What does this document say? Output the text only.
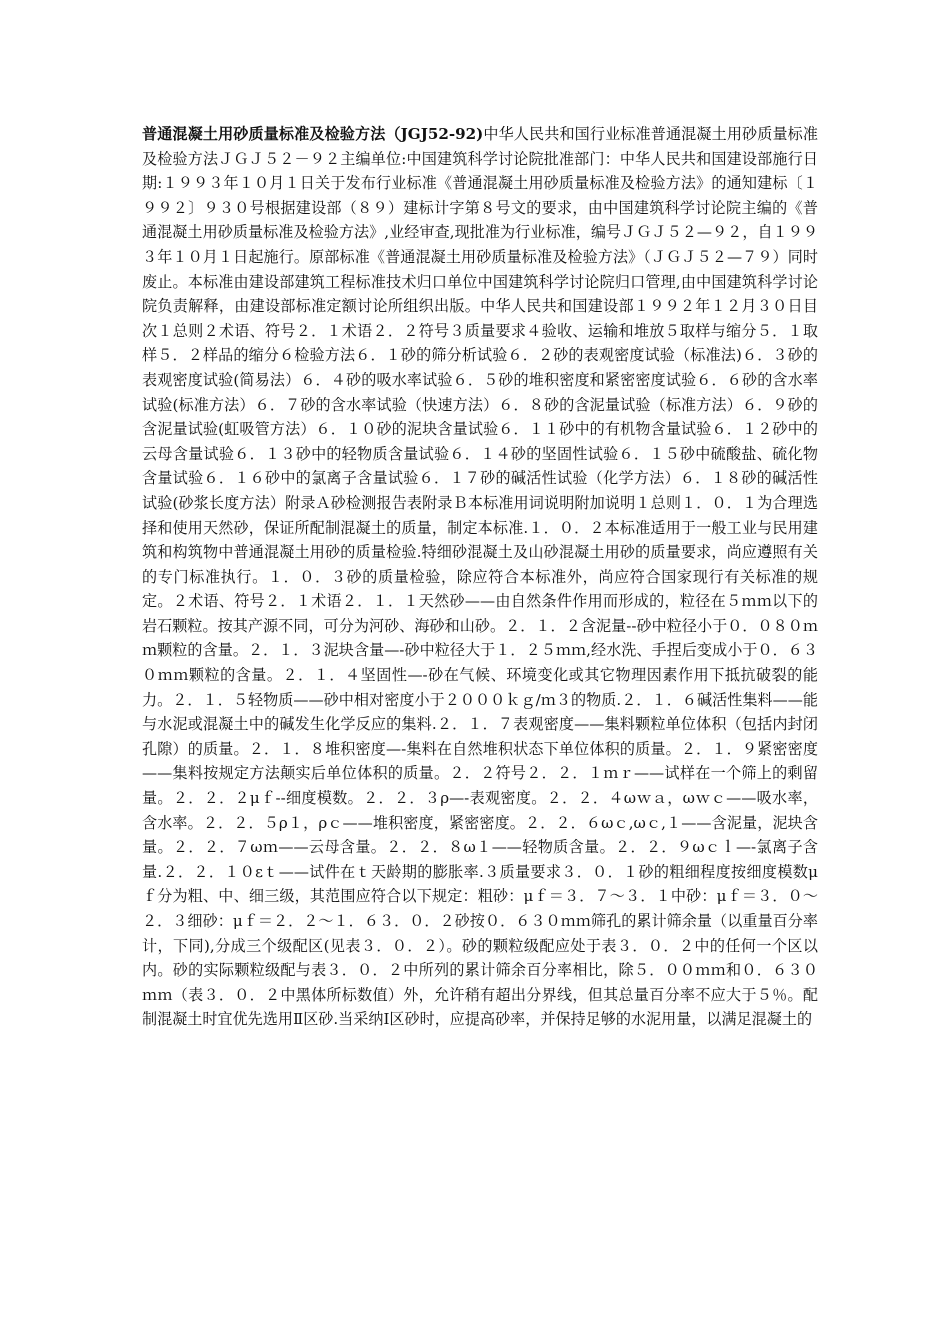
普通混凝土用砂质量标准及检验方法（JGJ52-92)中华人民共和国行业标准普通混凝土用砂质量标准及检验方法ＪＧＪ５２－９２主编单位:中国建筑科学讨论院批准部门：中华人民共和国建设部施行日期:１９９３年１０月１日关于发布行业标准《普通混凝土用砂质量标准及检验方法》的通知建标〔１９９２〕９３０号根据建设部（８９）建标计字第８号文的要求，由中国建筑科学讨论院主编的《普通混凝土用砂质量标准及检验方法》,业经审查,现批准为行业标准，编号ＪＧＪ５２—９２，自１９９３年１０月１日起施行。原部标准《普通混凝土用砂质量标准及检验方法》（ＪＧＪ５２—７９）同时废止。本标准由建设部建筑工程标准技术归口单位中国建筑科学讨论院归口管理,由中国建筑科学讨论院负责解释，由建设部标准定额讨论所组织出版。中华人民共和国建设部１９９２年１２月３０日目次１总则２术语、符号２．１术语２．２符号３质量要求４验收、运输和堆放５取样与缩分５．１取样５．２样品的缩分６检验方法６．１砂的筛分析试验６．２砂的表观密度试验（标准法)６．３砂的表观密度试验(简易法）６．４砂的吸水率试验６．５砂的堆积密度和紧密密度试验６．６砂的含水率试验(标准方法）６．７砂的含水率试验（快速方法）６．８砂的含泥量试验（标准方法）６．９砂的含泥量试验(虹吸管方法）６．１０砂的泥块含量试验６．１１砂中的有机物含量试验６．１２砂中的云母含量试验６．１３砂中的轻物质含量试验６．１４砂的坚固性试验６．１５砂中硫酸盐、硫化物含量试验６．１６砂中的氯离子含量试验６．１７砂的碱活性试验（化学方法）６．１８砂的碱活性试验(砂浆长度方法）附录Ａ砂检测报告表附录Ｂ本标准用词说明附加说明１总则１．０．１为合理选择和使用天然砂，保证所配制混凝土的质量，制定本标准.１．０．２本标准适用于一般工业与民用建筑和构筑物中普通混凝土用砂的质量检验.特细砂混凝土及山砂混凝土用砂的质量要求，尚应遵照有关的专门标准执行。１．０．３砂的质量检验，除应符合本标准外，尚应符合国家现行有关标准的规定。２术语、符号２．１术语２．１．１天然砂——由自然条件作用而形成的，粒径在５ｍｍ以下的岩石颗粒。按其产源不同，可分为河砂、海砂和山砂。２．１．２含泥量--砂中粒径小于０．０８０ｍｍ颗粒的含量。２．１．３泥块含量—-砂中粒径大于１．２５ｍｍ,经水洗、手捏后变成小于０．６３０ｍｍ颗粒的含量。２．１．４坚固性—-砂在气候、环境变化或其它物理因素作用下抵抗破裂的能力。２．１．５轻物质——砂中相对密度小于２０００ｋｇ/ｍ３的物质.２．１．６碱活性集料——能与水泥或混凝土中的碱发生化学反应的集料.２．１．７表观密度——集料颗粒单位体积（包括内封闭孔隙）的质量。２．１．８堆积密度—-集料在自然堆积状态下单位体积的质量。２．１．９紧密密度——集料按规定方法颠实后单位体积的质量。２．２符号２．２．１ｍｒ——试样在一个筛上的剩留量。２．２．２μｆ--细度模数。２．２．３ρ—-表观密度。２．２．４ωｗａ，ωｗｃ——吸水率，含水率。２．２．５ρ１，ρｃ——堆积密度，紧密密度。２．２．６ωｃ,ωｃ,１——含泥量，泥块含量。２．２．７ωｍ——云母含量。２．２．８ω１——轻物质含量。２．２．９ωｃｌ—-氯离子含量.２．２．１０εｔ——试件在ｔ天龄期的膨胀率.３质量要求３．０．１砂的粗细程度按细度模数μｆ分为粗、中、细三级，其范围应符合以下规定：粗砂：μｆ＝３．７～３．１中砂：μｆ＝３．０～２．３细砂：μｆ＝２．２～１．６３．０．２砂按０．６３０ｍｍ筛孔的累计筛余量（以重量百分率计，下同),分成三个级配区(见表３．０．２）。砂的颗粒级配应处于表３．０．２中的任何一个区以内。砂的实际颗粒级配与表３．０．２中所列的累计筛余百分率相比，除５．００ｍｍ和０．６３０ｍｍ（表３．０．２中黑体所标数值）外，允许稍有超出分界线，但其总量百分率不应大于５％。配制混凝土时宜优先选用Ⅱ区砂.当采纳Ⅰ区砂时，应提高砂率，并保持足够的水泥用量，以满足混凝土的
